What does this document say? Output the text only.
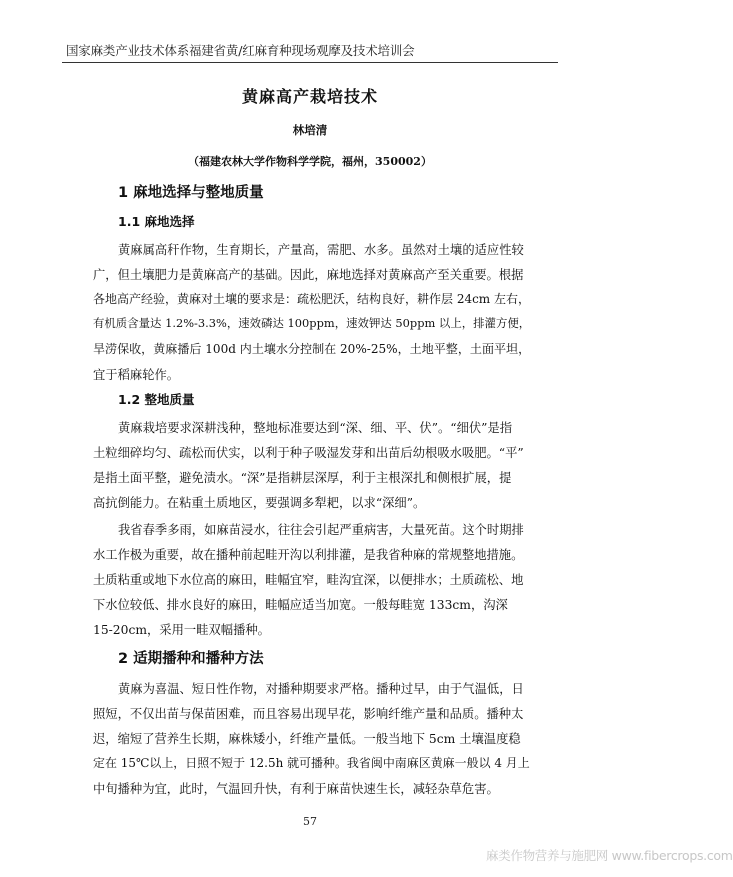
国家麻类产业技术体系福建省黄/红麻育种现场观摩及技术培训会
黄麻高产栽培技术
林培清
（福建农林大学作物科学学院，福州，350002）
1 麻地选择与整地质量
1.1 麻地选择
黄麻属高秆作物，生育期长，产量高，需肥、水多。虽然对土壤的适应性较
广，但土壤肥力是黄麻高产的基础。因此，麻地选择对黄麻高产至关重要。根据
各地高产经验，黄麻对土壤的要求是：疏松肥沃，结构良好，耕作层 24cm 左右，
有机质含量达 1.2%-3.3%，速效磷达 100ppm，速效钾达 50ppm 以上，排灌方便，
旱涝保收，黄麻播后 100d 内土壤水分控制在 20%-25%，土地平整，土面平坦，
宜于稻麻轮作。
1.2 整地质量
黄麻栽培要求深耕浅种，整地标准要达到“深、细、平、伏”。“细伏”是指
土粒细碎均匀、疏松而伏实，以利于种子吸湿发芽和出苗后幼根吸水吸肥。“平”
是指土面平整，避免渍水。“深”是指耕层深厚，利于主根深扎和侧根扩展，提
高抗倒能力。在粘重土质地区，要强调多犁耙，以求“深细”。
我省春季多雨，如麻苗浸水，往往会引起严重病害，大量死苗。这个时期排
水工作极为重要，故在播种前起畦开沟以利排灌，是我省种麻的常规整地措施。
土质粘重或地下水位高的麻田，畦幅宜窄，畦沟宜深，以便排水；土质疏松、地
下水位较低、排水良好的麻田，畦幅应适当加宽。一般每畦宽 133cm，沟深
15-20cm，采用一畦双幅播种。
2 适期播种和播种方法
黄麻为喜温、短日性作物，对播种期要求严格。播种过早，由于气温低，日
照短，不仅出苗与保苗困难，而且容易出现早花，影响纤维产量和品质。播种太
迟，缩短了营养生长期，麻株矮小，纤维产量低。一般当地下 5cm 土壤温度稳
定在 15℃以上，日照不短于 12.5h 就可播种。我省闽中南麻区黄麻一般以 4 月上
中旬播种为宜，此时，气温回升快，有利于麻苗快速生长，减轻杂草危害。
57
麻类作物营养与施肥网 www.fibercrops.com
